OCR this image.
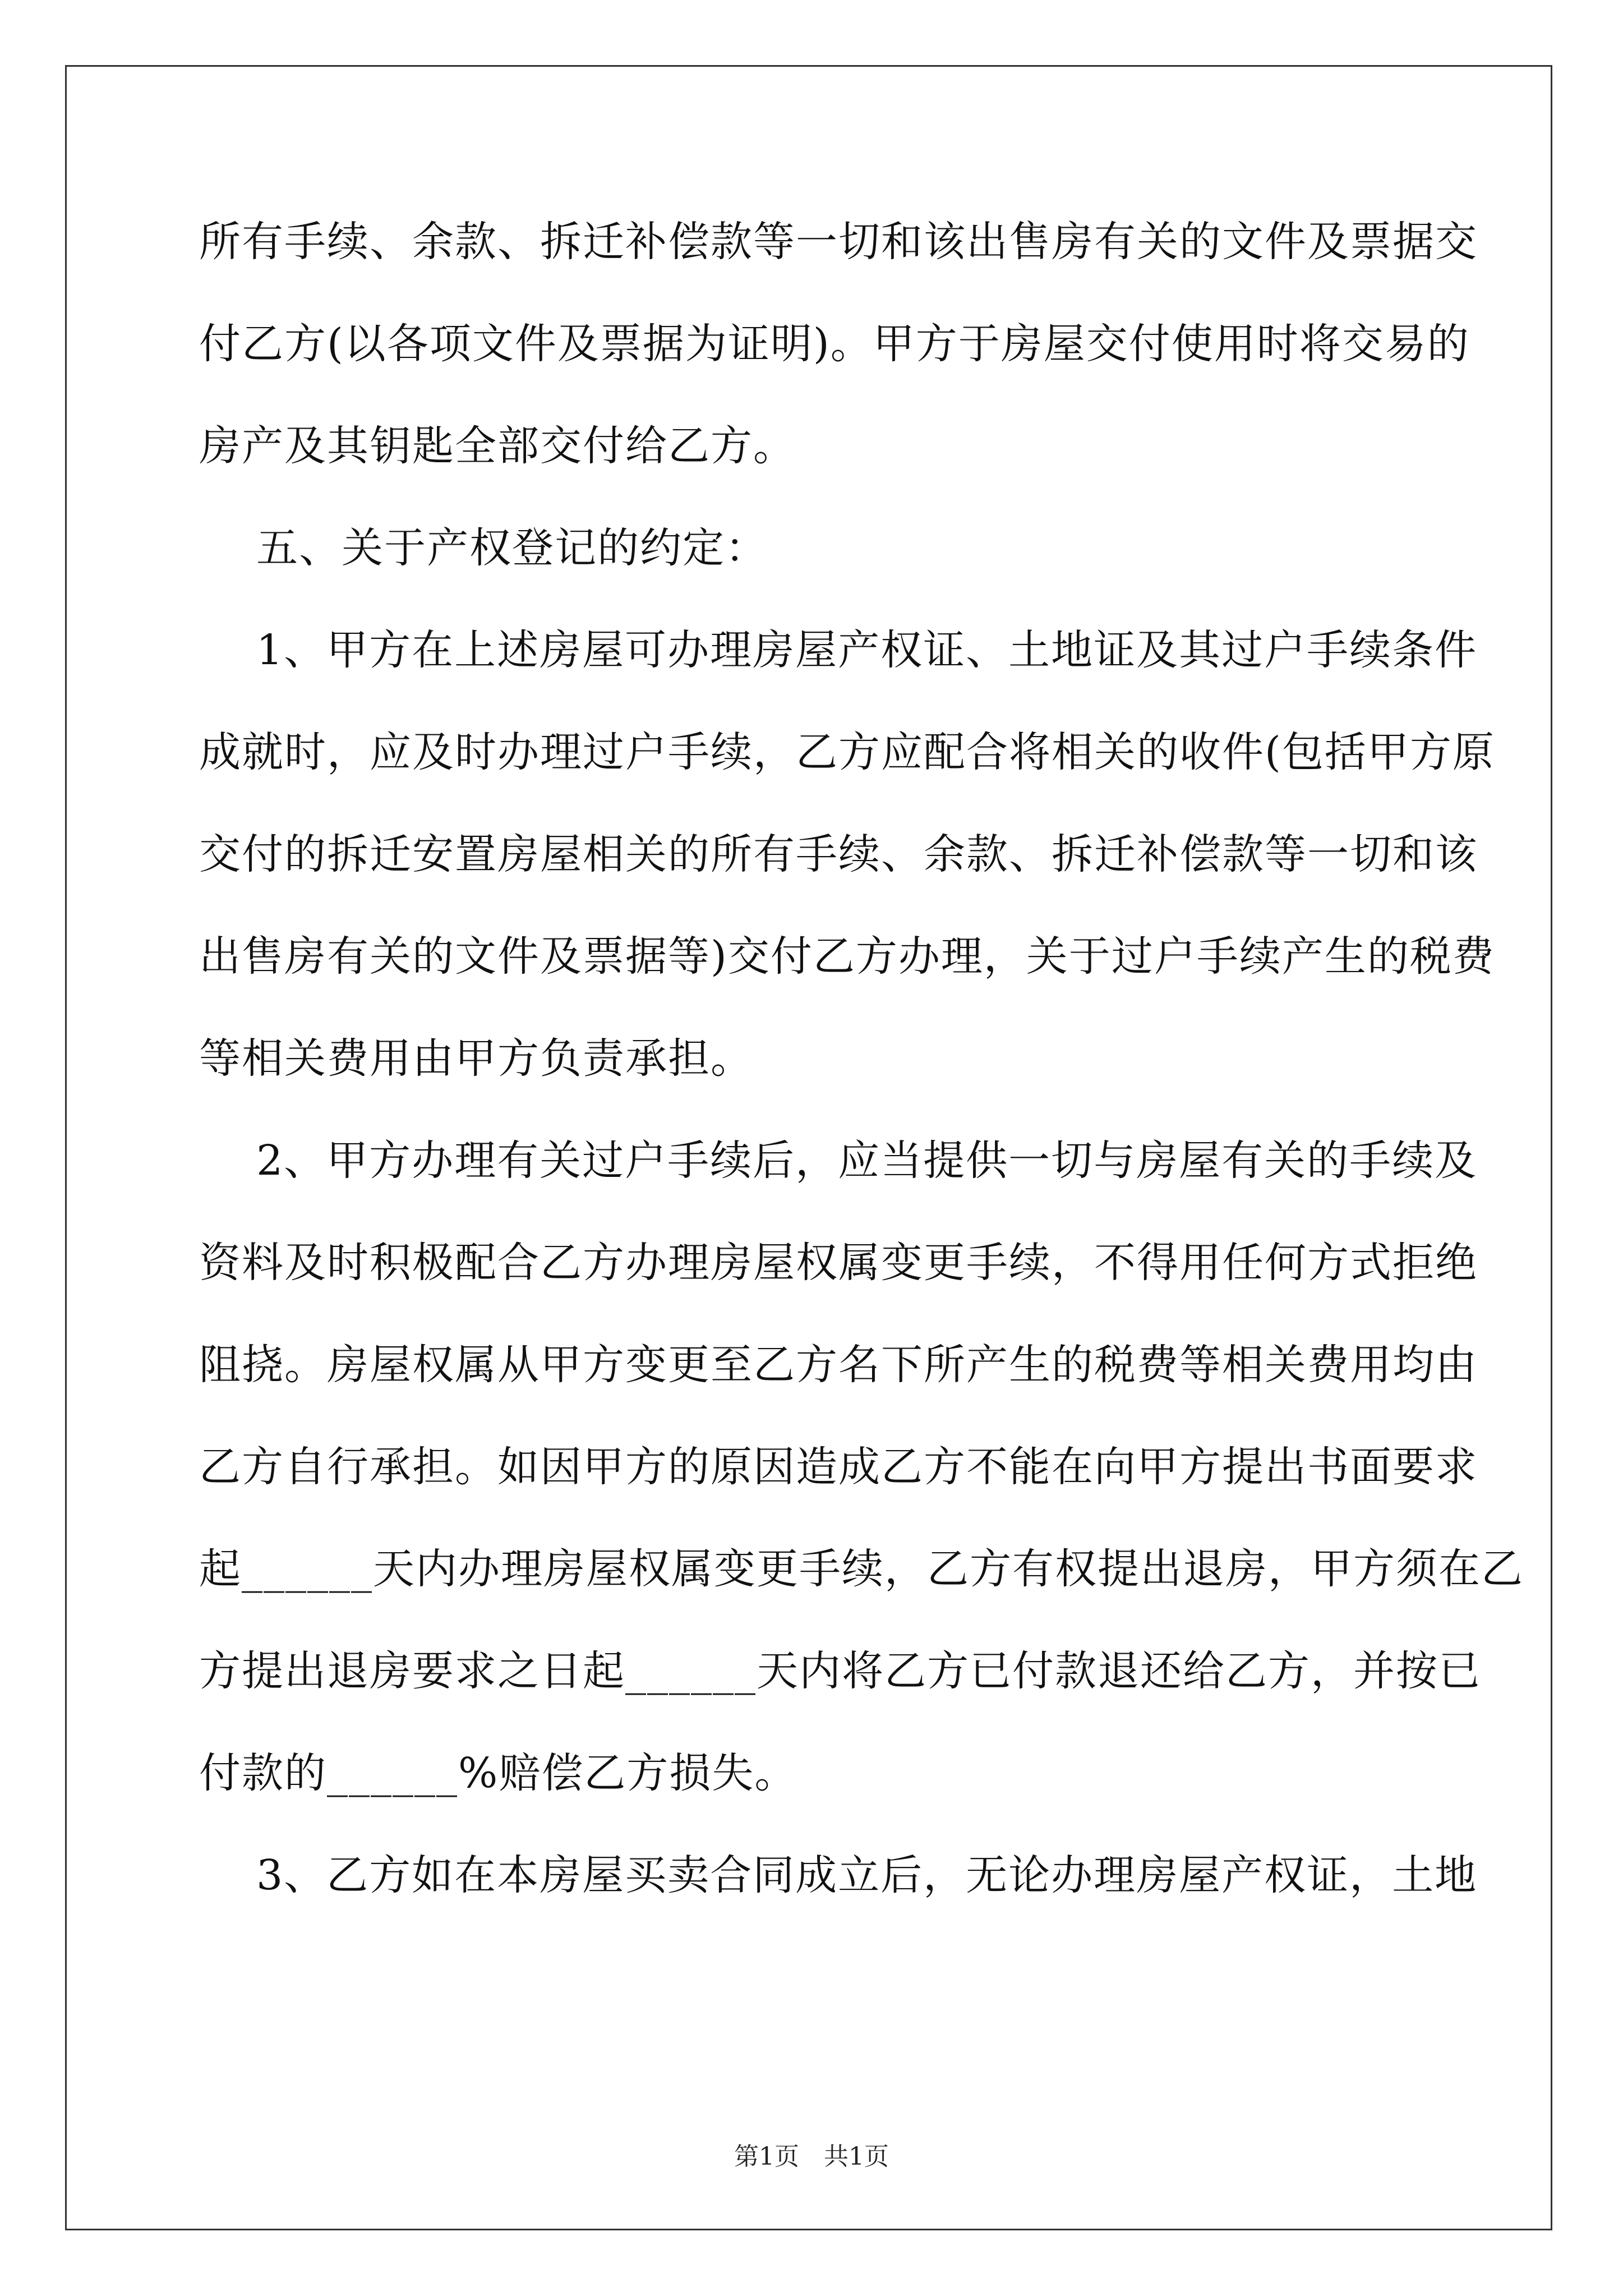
所有手续、余款、拆迁补偿款等一切和该出售房有关的文件及票据交
付乙方(以各项文件及票据为证明)。甲方于房屋交付使用时将交易的
房产及其钥匙全部交付给乙方。
五、关于产权登记的约定：
1、甲方在上述房屋可办理房屋产权证、土地证及其过户手续条件
成就时，应及时办理过户手续，乙方应配合将相关的收件(包括甲方原
交付的拆迁安置房屋相关的所有手续、余款、拆迁补偿款等一切和该
出售房有关的文件及票据等)交付乙方办理，关于过户手续产生的税费
等相关费用由甲方负责承担。
2、甲方办理有关过户手续后，应当提供一切与房屋有关的手续及
资料及时积极配合乙方办理房屋权属变更手续，不得用任何方式拒绝
阻挠。房屋权属从甲方变更至乙方名下所产生的税费等相关费用均由
乙方自行承担。如因甲方的原因造成乙方不能在向甲方提出书面要求
起______天内办理房屋权属变更手续，乙方有权提出退房，甲方须在乙
方提出退房要求之日起______天内将乙方已付款退还给乙方，并按已
付款的______%赔偿乙方损失。
3、乙方如在本房屋买卖合同成立后，无论办理房屋产权证，土地
第1页　共1页
